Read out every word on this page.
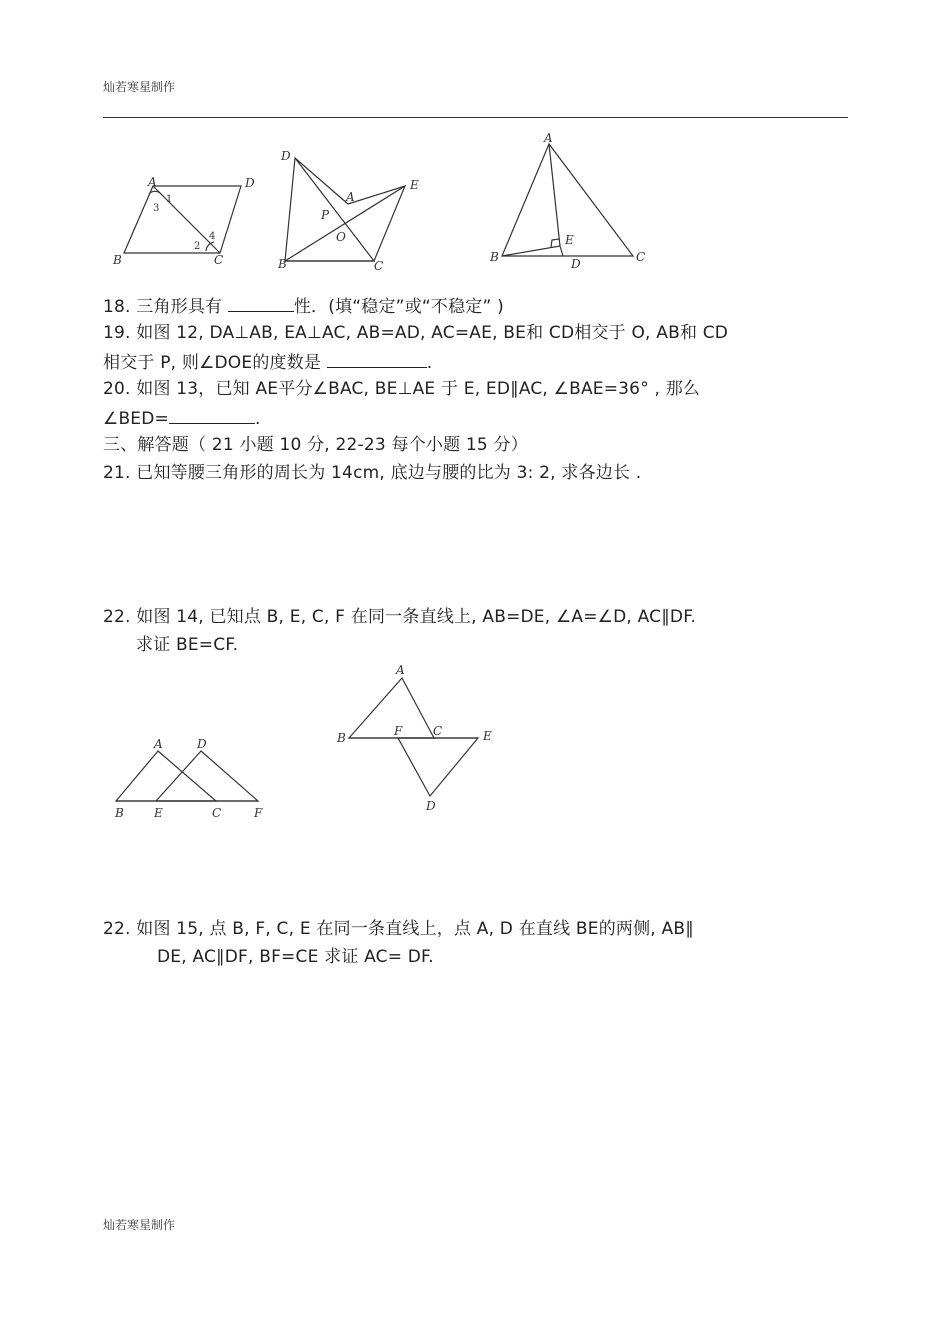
灿若寒星制作
A	D
B	C
1
2
3
4
D
E
A
P
O
B	C
A
B	D	C
E
18. 三角形具有	性．(填“稳定”或“不稳定” )
19. 如图 12, DA⊥AB, EA⊥AC, AB=AD, AC=AE, BE和 CD相交于 O, AB和 CD
相交于 P, 则∠DOE的度数是	.
20. 如图 13，已知 AE平分∠BAC, BE⊥AE 于 E, ED∥AC, ∠BAE=36° , 那么
∠BED=	.
三、解答题（ 21 小题 10 分, 22-23 每个小题 15 分）
21. 已知等腰三角形的周长为 14cm, 底边与腰的比为 3: 2, 求各边长 .
22. 如图 14, 已知点 B, E, C, F 在同一条直线上, AB=DE, ∠A=∠D, AC∥DF.
求证 BE=CF.
A	D
B	E	C	F
A
B	F	C	E
D
22. 如图 15, 点 B, F, C, E 在同一条直线上，点 A, D 在直线 BE的两侧, AB∥
DE, AC∥DF, BF=CE 求证 AC= DF.
灿若寒星制作
